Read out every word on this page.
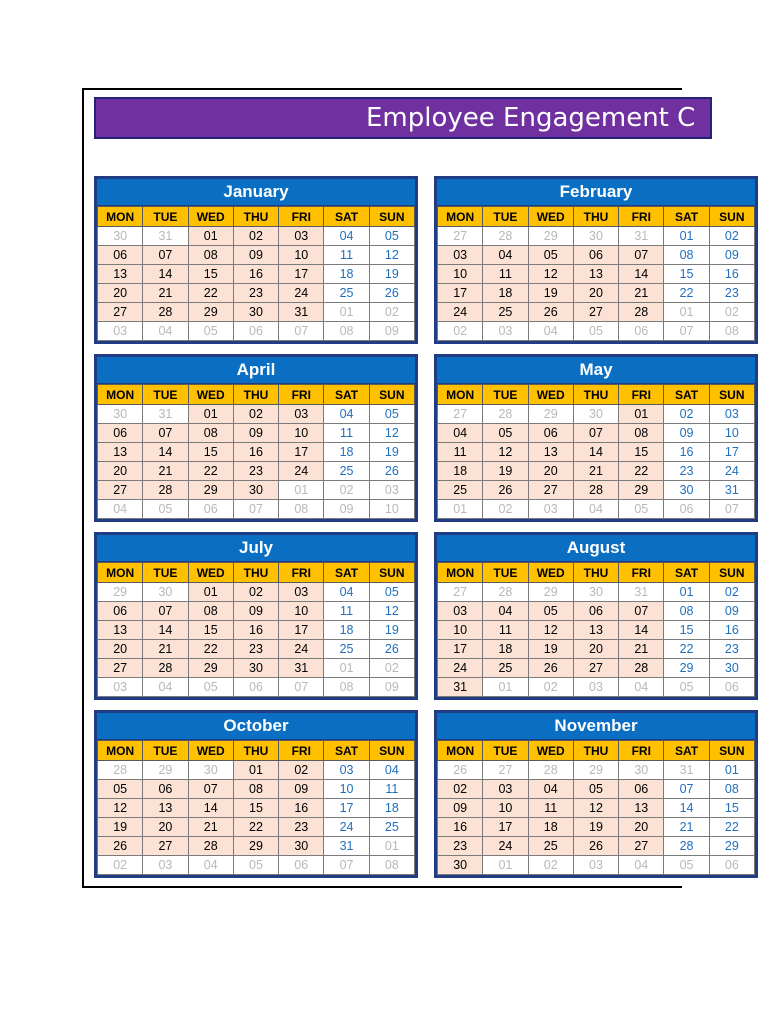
Employee Engagement C
January
MON	TUE	WED	THU	FRI	SAT	SUN
30	31	01	02	03	04	05
06	07	08	09	10	11	12
13	14	15	16	17	18	19
20	21	22	23	24	25	26
27	28	29	30	31	01	02
03	04	05	06	07	08	09
February
MON	TUE	WED	THU	FRI	SAT	SUN
27	28	29	30	31	01	02
03	04	05	06	07	08	09
10	11	12	13	14	15	16
17	18	19	20	21	22	23
24	25	26	27	28	01	02
02	03	04	05	06	07	08
April
MON	TUE	WED	THU	FRI	SAT	SUN
30	31	01	02	03	04	05
06	07	08	09	10	11	12
13	14	15	16	17	18	19
20	21	22	23	24	25	26
27	28	29	30	01	02	03
04	05	06	07	08	09	10
May
MON	TUE	WED	THU	FRI	SAT	SUN
27	28	29	30	01	02	03
04	05	06	07	08	09	10
11	12	13	14	15	16	17
18	19	20	21	22	23	24
25	26	27	28	29	30	31
01	02	03	04	05	06	07
July
MON	TUE	WED	THU	FRI	SAT	SUN
29	30	01	02	03	04	05
06	07	08	09	10	11	12
13	14	15	16	17	18	19
20	21	22	23	24	25	26
27	28	29	30	31	01	02
03	04	05	06	07	08	09
August
MON	TUE	WED	THU	FRI	SAT	SUN
27	28	29	30	31	01	02
03	04	05	06	07	08	09
10	11	12	13	14	15	16
17	18	19	20	21	22	23
24	25	26	27	28	29	30
31	01	02	03	04	05	06
October
MON	TUE	WED	THU	FRI	SAT	SUN
28	29	30	01	02	03	04
05	06	07	08	09	10	11
12	13	14	15	16	17	18
19	20	21	22	23	24	25
26	27	28	29	30	31	01
02	03	04	05	06	07	08
November
MON	TUE	WED	THU	FRI	SAT	SUN
26	27	28	29	30	31	01
02	03	04	05	06	07	08
09	10	11	12	13	14	15
16	17	18	19	20	21	22
23	24	25	26	27	28	29
30	01	02	03	04	05	06
